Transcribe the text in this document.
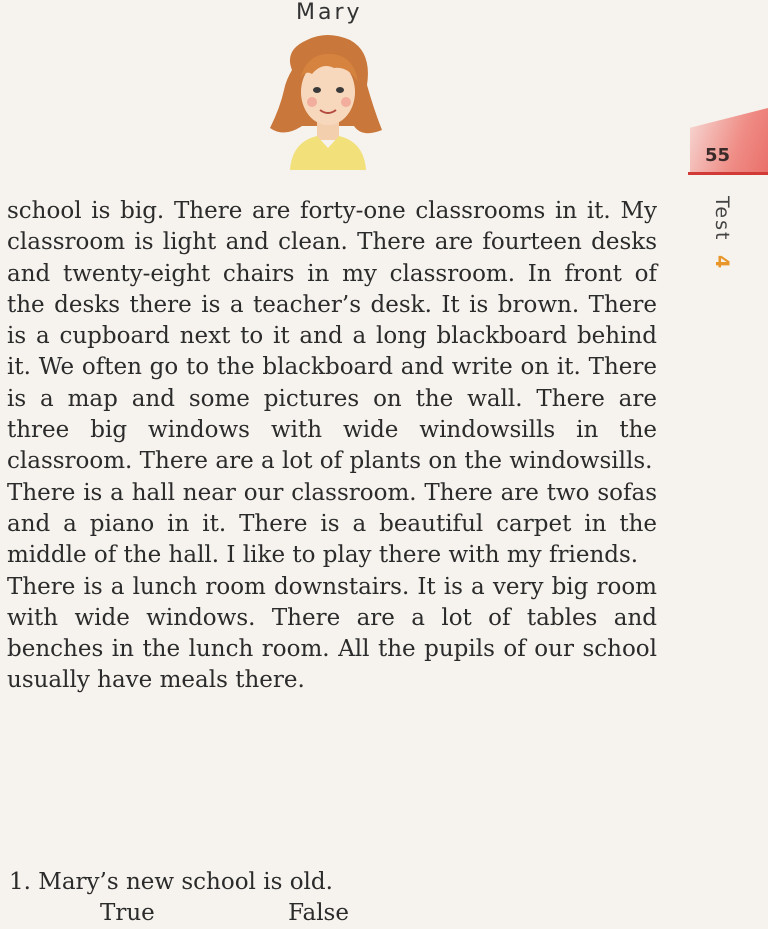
Mary
55
Test 4

school is big. There are forty-one classrooms in it. My classroom is light and clean. There are fourteen desks and twenty-eight chairs in my classroom. In front of the desks there is a teacher’s desk. It is brown. There is a cupboard next to it and a long blackboard behind it. We often go to the blackboard and write on it. There is a map and some pictures on the wall. There are three big windows with wide windowsills in the classroom. There are a lot of plants on the windowsills.

There is a hall near our classroom. There are two sofas and a piano in it. There is a beautiful carpet in the middle of the hall. I like to play there with my friends.

There is a lunch room downstairs. It is a very big room with wide windows. There are a lot of tables and benches in the lunch room. All the pupils of our school usually have meals there.

1. Mary’s new school is old.
True	False
